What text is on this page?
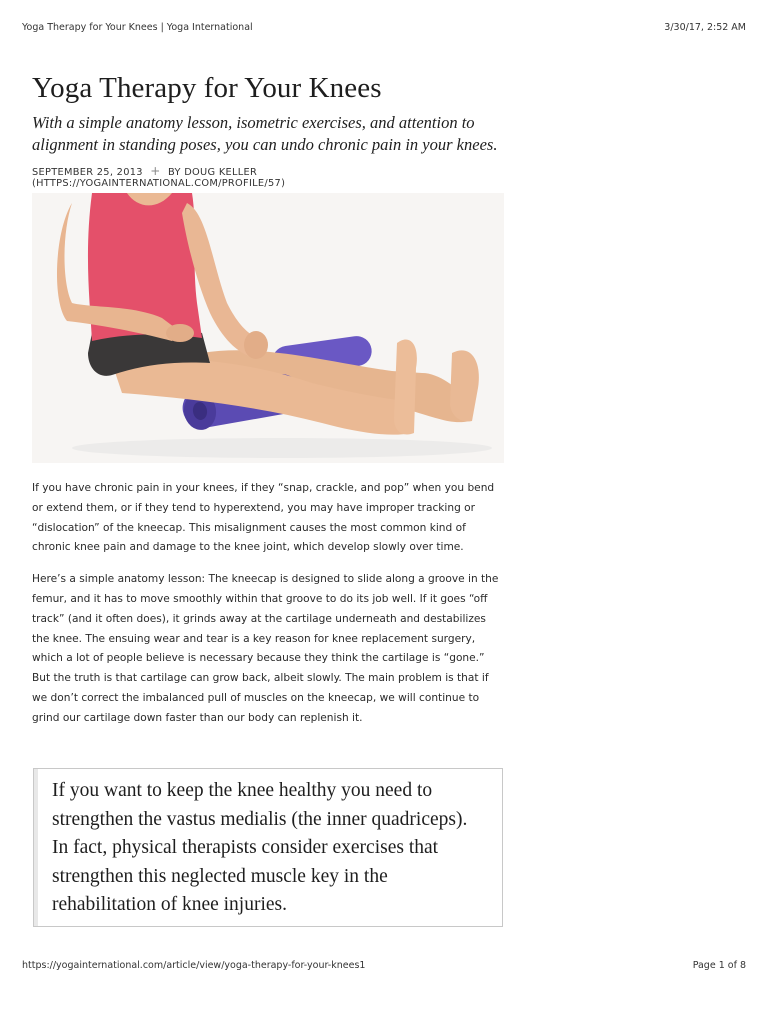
Yoga Therapy for Your Knees | Yoga International	3/30/17, 2:52 AM
Yoga Therapy for Your Knees

With a simple anatomy lesson, isometric exercises, and attention to alignment in standing poses, you can undo chronic pain in your knees.

SEPTEMBER 25, 2013 + BY DOUG KELLER (HTTPS://YOGAINTERNATIONAL.COM/PROFILE/57)

If you have chronic pain in your knees, if they “snap, crackle, and pop” when you bend or extend them, or if they tend to hyperextend, you may have improper tracking or “dislocation” of the kneecap. This misalignment causes the most common kind of chronic knee pain and damage to the knee joint, which develop slowly over time.

Here’s a simple anatomy lesson: The kneecap is designed to slide along a groove in the femur, and it has to move smoothly within that groove to do its job well. If it goes “off track” (and it often does), it grinds away at the cartilage underneath and destabilizes the knee. The ensuing wear and tear is a key reason for knee replacement surgery, which a lot of people believe is necessary because they think the cartilage is “gone.” But the truth is that cartilage can grow back, albeit slowly. The main problem is that if we don’t correct the imbalanced pull of muscles on the kneecap, we will continue to grind our cartilage down faster than our body can replenish it.

If you want to keep the knee healthy you need to strengthen the vastus medialis (the inner quadriceps). In fact, physical therapists consider exercises that strengthen this neglected muscle key in the rehabilitation of knee injuries.
https://yogainternational.com/article/view/yoga-therapy-for-your-knees1	Page 1 of 8
